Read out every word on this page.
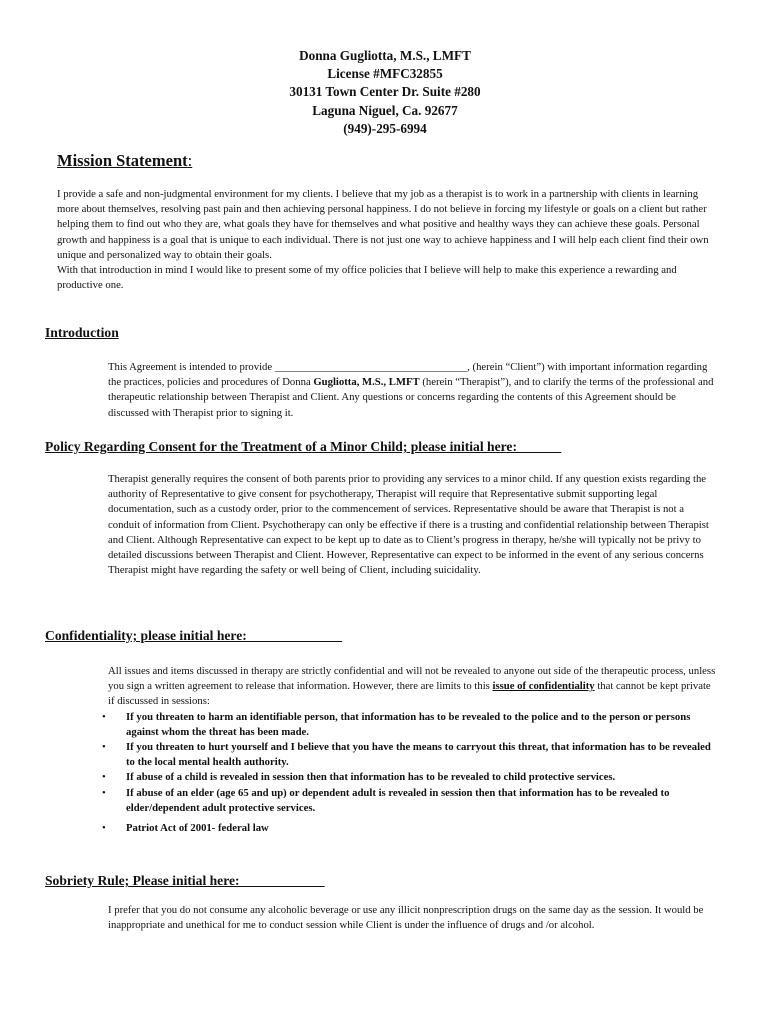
Donna Gugliotta, M.S., LMFT
License #MFC32855
30131 Town Center Dr. Suite #280
Laguna Niguel, Ca. 92677
(949)-295-6994
Mission Statement:
I provide a safe and non-judgmental environment for my clients. I believe that my job as a therapist is to work in a partnership with clients in learning more about themselves, resolving past pain and then achieving personal happiness. I do not believe in forcing my lifestyle or goals on a client but rather helping them to find out who they are, what goals they have for themselves and what positive and healthy ways they can achieve these goals. Personal growth and happiness is a goal that is unique to each individual. There is not just one way to achieve happiness and I will help each client find their own unique and personalized way to obtain their goals.
With that introduction in mind I would like to present some of my office policies that I believe will help to make this experience a rewarding and productive one.
Introduction
This Agreement is intended to provide ____________________________________, (herein “Client”) with important information regarding the practices, policies and procedures of Donna Gugliotta, M.S., LMFT (herein “Therapist”), and to clarify the terms of the professional and therapeutic relationship between Therapist and Client. Any questions or concerns regarding the contents of this Agreement should be discussed with Therapist prior to signing it.
Policy Regarding Consent for the Treatment of a Minor Child; please initial here: ______
Therapist generally requires the consent of both parents prior to providing any services to a minor child. If any question exists regarding the authority of Representative to give consent for psychotherapy, Therapist will require that Representative submit supporting legal documentation, such as a custody order, prior to the commencement of services. Representative should be aware that Therapist is not a conduit of information from Client. Psychotherapy can only be effective if there is a trusting and confidential relationship between Therapist and Client. Although Representative can expect to be kept up to date as to Client’s progress in therapy, he/she will typically not be privy to detailed discussions between Therapist and Client. However, Representative can expect to be informed in the event of any serious concerns Therapist might have regarding the safety or well being of Client, including suicidality.
Confidentiality; please initial here:______________
All issues and items discussed in therapy are strictly confidential and will not be revealed to anyone out side of the therapeutic process, unless you sign a written agreement to release that information. However, there are limits to this issue of confidentiality that cannot be kept private if discussed in sessions:
• If you threaten to harm an identifiable person, that information has to be revealed to the police and to the person or persons against whom the threat has been made.
• If you threaten to hurt yourself and I believe that you have the means to carryout this threat, that information has to be revealed to the local mental health authority.
• If abuse of a child is revealed in session then that information has to be revealed to child protective services.
• If abuse of an elder (age 65 and up) or dependent adult is revealed in session then that information has to be revealed to elder/dependent adult protective services.
• Patriot Act of 2001- federal law
Sobriety Rule; Please initial here: ____________
I prefer that you do not consume any alcoholic beverage or use any illicit nonprescription drugs on the same day as the session. It would be inappropriate and unethical for me to conduct session while Client is under the influence of drugs and /or alcohol.
